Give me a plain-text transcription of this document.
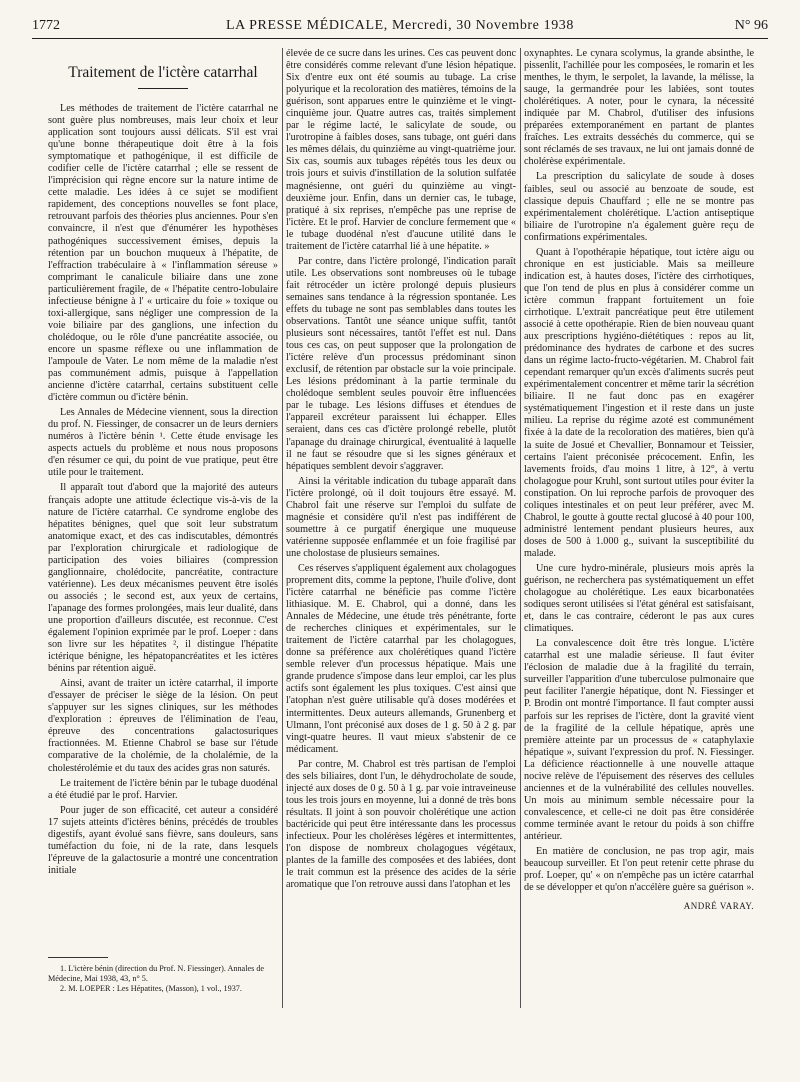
1772	LA PRESSE MÉDICALE, Mercredi, 30 Novembre 1938	N° 96
Traitement de l'ictère catarrhal

Les méthodes de traitement de l'ictère catarrhal ne sont guère plus nombreuses, mais leur choix et leur application sont toujours aussi délicats. S'il est vrai qu'une bonne thérapeutique doit être à la fois symptomatique et pathogénique, il est difficile de codifier celle de l'ictère catarrhal ; elle se ressent de l'imprécision qui règne encore sur la nature intime de cette maladie. Les idées à ce sujet se modifient rapidement, des conceptions nouvelles se font place, retrouvant parfois des théories plus anciennes. Pour s'en convaincre, il n'est que d'énumérer les hypothèses pathogéniques successivement émises, depuis la rétention par un bouchon muqueux à l'hépatite, de l'effraction trabéculaire à « l'inflammation séreuse » comprimant le canalicule biliaire dans une zone particulièrement fragile, de « l'hépatite centro-lobulaire infectieuse bénigne à l' « urticaire du foie » toxique ou toxi-allergique, sans négliger une compression de la voie biliaire par des ganglions, une infection du cholédoque, ou le rôle d'une pancréatite associée, ou encore un spasme réflexe ou une inflammation de l'ampoule de Vater. Le nom même de la maladie n'est pas communément admis, puisque à l'appellation ancienne d'ictère catarrhal, certains substituent celle d'ictère commun ou d'ictère bénin.

Les Annales de Médecine viennent, sous la direction du prof. N. Fiessinger, de consacrer un de leurs derniers numéros à l'ictère bénin ¹. Cette étude envisage les aspects actuels du problème et nous nous proposons d'en résumer ce qui, du point de vue pratique, peut être utile pour le traitement.

Il apparaît tout d'abord que la majorité des auteurs français adopte une attitude éclectique vis-à-vis de la nature de l'ictère catarrhal. Ce syndrome englobe des hépatites bénignes, quel que soit leur substratum anatomique exact, et des cas indiscutables, démontrés par l'exploration chirurgicale et radiologique de participation des voies biliaires (compression ganglionnaire, cholédocite, pancréatite, contracture vatérienne). Les deux mécanismes peuvent être isolés ou associés ; le second est, aux yeux de certains, l'apanage des formes prolongées, mais leur dualité, dans une proportion d'ailleurs discutée, est reconnue. C'est également l'opinion exprimée par le prof. Loeper : dans son livre sur les hépatites ², il distingue l'hépatite ictérique bénigne, les hépatopancréatites et les ictères bénins par rétention aiguë.

Ainsi, avant de traiter un ictère catarrhal, il importe d'essayer de préciser le siège de la lésion. On peut s'appuyer sur les signes cliniques, sur les méthodes d'exploration : épreuves de l'élimination de l'eau, épreuve des concentrations galactosuriques fractionnées. M. Etienne Chabrol se base sur l'étude comparative de la cholémie, de la cholalémie, de la cholestérolémie et du taux des acides gras non saturés.

Le traitement de l'ictère bénin par le tubage duodénal a été étudié par le prof. Harvier.

Pour juger de son efficacité, cet auteur a considéré 17 sujets atteints d'ictères bénins, précédés de troubles digestifs, ayant évolué sans fièvre, sans douleurs, sans tuméfaction du foie, ni de la rate, dans lesquels l'épreuve de la galactosurie a montré une concentration initiale

élevée de ce sucre dans les urines. Ces cas peuvent donc être considérés comme relevant d'une lésion hépatique. Six d'entre eux ont été soumis au tubage. La crise polyurique et la recoloration des matières, témoins de la guérison, sont apparues entre le quinzième et le vingt-cinquième jour. Quatre autres cas, traités simplement par le régime lacté, le salicylate de soude, ou l'urotropine à faibles doses, sans tubage, ont guéri dans les mêmes délais, du quinzième au vingt-quatrième jour. Six cas, soumis aux tubages répétés tous les deux ou trois jours et suivis d'instillation de la solution sulfatée magnésienne, ont guéri du quinzième au vingt-deuxième jour. Enfin, dans un dernier cas, le tubage, pratiqué à six reprises, n'empêche pas une reprise de l'ictère. Et le prof. Harvier de conclure fermement que « le tubage duodénal n'est d'aucune utilité dans le traitement de l'ictère catarrhal lié à une hépatite. »

Par contre, dans l'ictère prolongé, l'indication paraît utile. Les observations sont nombreuses où le tubage fait rétrocéder un ictère prolongé depuis plusieurs semaines sans tendance à la régression spontanée. Les effets du tubage ne sont pas semblables dans toutes les observations. Tantôt une séance unique suffit, tantôt plusieurs sont nécessaires, tantôt l'effet est nul. Dans tous ces cas, on peut supposer que la prolongation de l'ictère relève d'un processus prédominant sinon exclusif, de rétention par obstacle sur la voie principale. Les lésions prédominant à la partie terminale du cholédoque semblent seules pouvoir être influencées par le tubage. Les lésions diffuses et étendues de l'appareil excréteur paraissent lui échapper. Elles seraient, dans ces cas d'ictère prolongé rebelle, plutôt l'apanage du drainage chirurgical, éventualité à laquelle il ne faut se résoudre que si les signes généraux et hépatiques semblent devoir s'aggraver.

Ainsi la véritable indication du tubage apparaît dans l'ictère prolongé, où il doit toujours être essayé. M. Chabrol fait une réserve sur l'emploi du sulfate de magnésie et considère qu'il n'est pas indifférent de soumettre à ce purgatif énergique une muqueuse vatérienne supposée enflammée et un foie fragilisé par une cholostase de plusieurs semaines.

Ces réserves s'appliquent également aux cholagogues proprement dits, comme la peptone, l'huile d'olive, dont l'ictère catarrhal ne bénéficie pas comme l'ictère lithiasique. M. E. Chabrol, qui a donné, dans les Annales de Médecine, une étude très pénétrante, forte de recherches cliniques et expérimentales, sur le traitement de l'ictère catarrhal par les cholagogues, donne sa préférence aux cholérétiques quand l'ictère semble relever d'un processus hépatique. Mais une grande prudence s'impose dans leur emploi, car les plus actifs sont également les plus toxiques. C'est ainsi que l'atophan n'est guère utilisable qu'à doses modérées et intermittentes. Deux auteurs allemands, Grunenberg et Ulmann, l'ont préconisé aux doses de 1 g. 50 à 2 g. par vingt-quatre heures. Il vaut mieux s'abstenir de ce médicament.

Par contre, M. Chabrol est très partisan de l'emploi des sels biliaires, dont l'un, le déhydrocholate de soude, injecté aux doses de 0 g. 50 à 1 g. par voie intraveineuse tous les trois jours en moyenne, lui a donné de très bons résultats. Il joint à son pouvoir cholérétique une action bactéricide qui peut être intéressante dans les processus infectieux. Pour les cholérèses légères et intermittentes, l'on dispose de nombreux cholagogues végétaux, plantes de la famille des composées et des labiées, dont le trait commun est la présence des acides de la série aromatique que l'on retrouve aussi dans l'atophan et les

oxynaphtes. Le cynara scolymus, la grande absinthe, le pissenlit, l'achillée pour les composées, le romarin et les menthes, le thym, le serpolet, la lavande, la mélisse, la sauge, la germandrée pour les labiées, sont toutes cholérétiques. A noter, pour le cynara, la nécessité indiquée par M. Chabrol, d'utiliser des infusions préparées extemporanément en partant de plantes fraîches. Les extraits desséchés du commerce, qui se sont réclamés de ses travaux, ne lui ont jamais donné de cholérèse expérimentale.

La prescription du salicylate de soude à doses faibles, seul ou associé au benzoate de soude, est classique depuis Chauffard ; elle ne se montre pas expérimentalement cholérétique. L'action antiseptique biliaire de l'urotropine n'a également guère reçu de confirmations expérimentales.

Quant à l'opothérapie hépatique, tout ictère aigu ou chronique en est justiciable. Mais sa meilleure indication est, à hautes doses, l'ictère des cirrhotiques, que l'on tend de plus en plus à considérer comme un ictère commun frappant fortuitement un foie cirrhotique. L'extrait pancréatique peut être utilement associé à cette opothérapie. Rien de bien nouveau quant aux prescriptions hygiéno-diététiques : repos au lit, prédominance des hydrates de carbone et des sucres dans un régime lacto-fructo-végétarien. M. Chabrol fait cependant remarquer qu'un excès d'aliments sucrés peut expérimentalement concentrer et même tarir la sécrétion biliaire. Il ne faut donc pas en exagérer systématiquement l'ingestion et il reste dans un juste milieu. La reprise du régime azoté est communément fixée à la date de la recoloration des matières, bien qu'à la suite de Josué et Chevallier, Bonnamour et Teissier, certains l'aient préconisée précocement. Enfin, les lavements froids, d'au moins 1 litre, à 12°, à vertu cholagogue pour Kruhl, sont surtout utiles pour éviter la constipation. On lui reproche parfois de provoquer des coliques intestinales et on peut leur préférer, avec M. Chabrol, le goutte à goutte rectal glucosé à 40 pour 100, administré lentement pendant plusieurs heures, aux doses de 500 à 1.000 g., suivant la susceptibilité du malade.

Une cure hydro-minérale, plusieurs mois après la guérison, ne recherchera pas systématiquement un effet cholagogue au cholérétique. Les eaux bicarbonatées sodiques seront utilisées si l'état général est satisfaisant, et, dans le cas contraire, céderont le pas aux cures climatiques.

La convalescence doit être très longue. L'ictère catarrhal est une maladie sérieuse. Il faut éviter l'éclosion de maladie due à la fragilité du terrain, surveiller l'apparition d'une tuberculose pulmonaire que peut faciliter l'anergie hépatique, dont N. Fiessinger et P. Brodin ont montré l'importance. Il faut compter aussi parfois sur les reprises de l'ictère, dont la gravité vient de la fragilité de la cellule hépatique, après une première atteinte par un processus de « cataphylaxie hépatique », suivant l'expression du prof. N. Fiessinger. La déficience réactionnelle à une nouvelle attaque nocive relève de l'épuisement des réserves des cellules anciennes et de la vulnérabilité des cellules nouvelles. Un mois au minimum semble nécessaire pour la convalescence, et celle-ci ne doit pas être considérée comme terminée avant le retour du poids à son chiffre antérieur.

En matière de conclusion, ne pas trop agir, mais beaucoup surveiller. Et l'on peut retenir cette phrase du prof. Loeper, qu' « on n'empêche pas un ictère catarrhal de se développer et qu'on n'accélère guère sa guérison ».

ANDRÉ VARAY.

1. L'ictère bénin (direction du Prof. N. Fiessinger). Annales de Médecine, Mai 1938, 43, n° 5.
2. M. LOEPER : Les Hépatites, (Masson), 1 vol., 1937.
